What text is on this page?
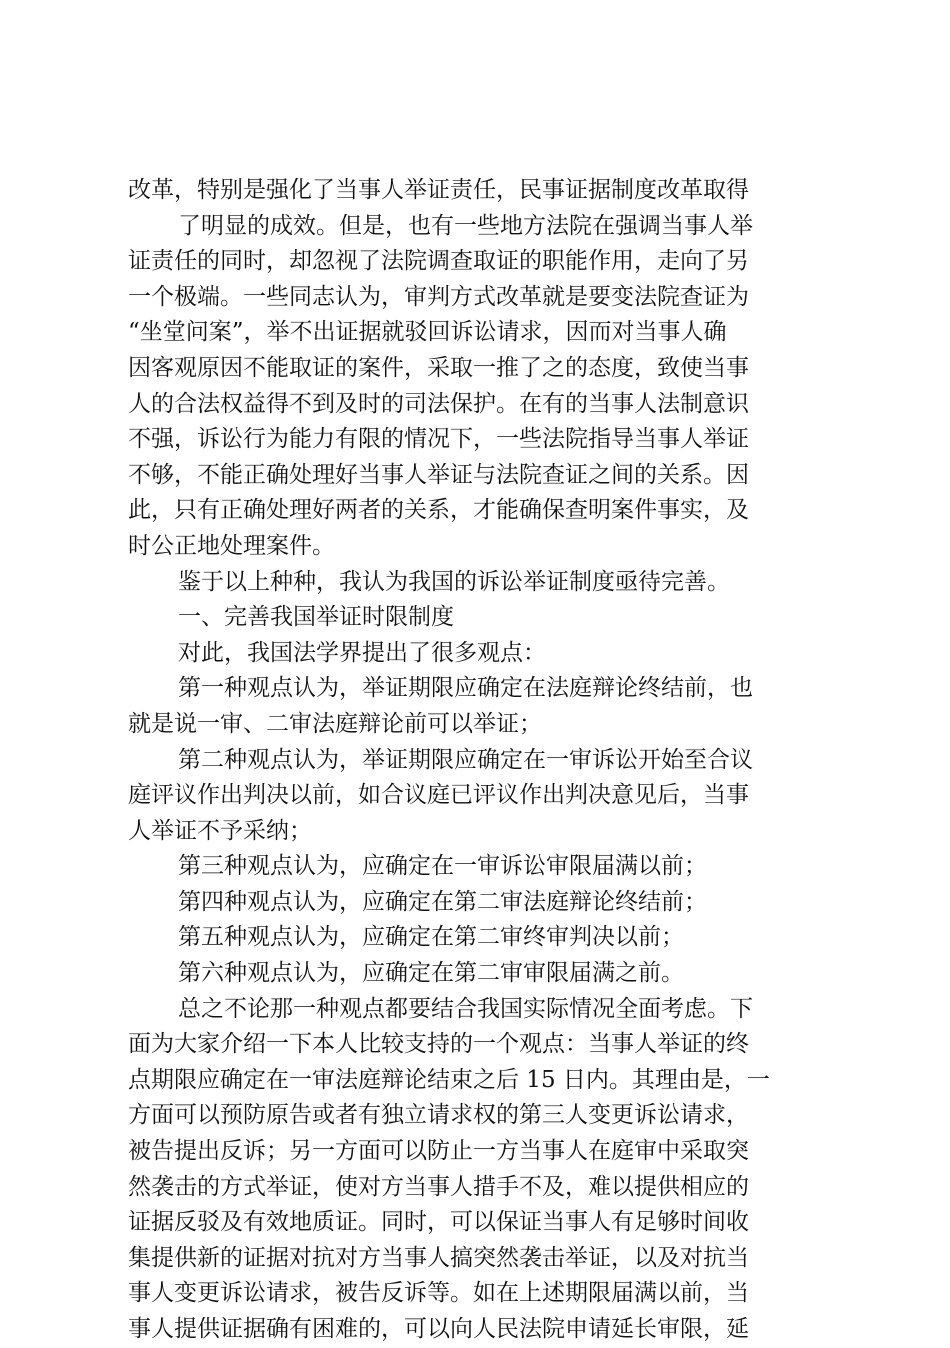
改革，特别是强化了当事人举证责任，民事证据制度改革取得
了明显的成效。但是，也有一些地方法院在强调当事人举
证责任的同时，却忽视了法院调查取证的职能作用，走向了另
一个极端。一些同志认为，审判方式改革就是要变法院查证为
“坐堂问案”，举不出证据就驳回诉讼请求，因而对当事人确
因客观原因不能取证的案件，采取一推了之的态度，致使当事
人的合法权益得不到及时的司法保护。在有的当事人法制意识
不强，诉讼行为能力有限的情况下，一些法院指导当事人举证
不够，不能正确处理好当事人举证与法院查证之间的关系。因
此，只有正确处理好两者的关系，才能确保查明案件事实，及
时公正地处理案件。
鉴于以上种种，我认为我国的诉讼举证制度亟待完善。
一、完善我国举证时限制度
对此，我国法学界提出了很多观点：
第一种观点认为，举证期限应确定在法庭辩论终结前，也
就是说一审、二审法庭辩论前可以举证；
第二种观点认为，举证期限应确定在一审诉讼开始至合议
庭评议作出判决以前，如合议庭已评议作出判决意见后，当事
人举证不予采纳；
第三种观点认为，应确定在一审诉讼审限届满以前；
第四种观点认为，应确定在第二审法庭辩论终结前；
第五种观点认为，应确定在第二审终审判决以前；
第六种观点认为，应确定在第二审审限届满之前。
总之不论那一种观点都要结合我国实际情况全面考虑。下
面为大家介绍一下本人比较支持的一个观点：当事人举证的终
点期限应确定在一审法庭辩论结束之后 15 日内。其理由是，一
方面可以预防原告或者有独立请求权的第三人变更诉讼请求，
被告提出反诉；另一方面可以防止一方当事人在庭审中采取突
然袭击的方式举证，使对方当事人措手不及，难以提供相应的
证据反驳及有效地质证。同时，可以保证当事人有足够时间收
集提供新的证据对抗对方当事人搞突然袭击举证，以及对抗当
事人变更诉讼请求，被告反诉等。如在上述期限届满以前，当
事人提供证据确有困难的，可以向人民法院申请延长审限，延
